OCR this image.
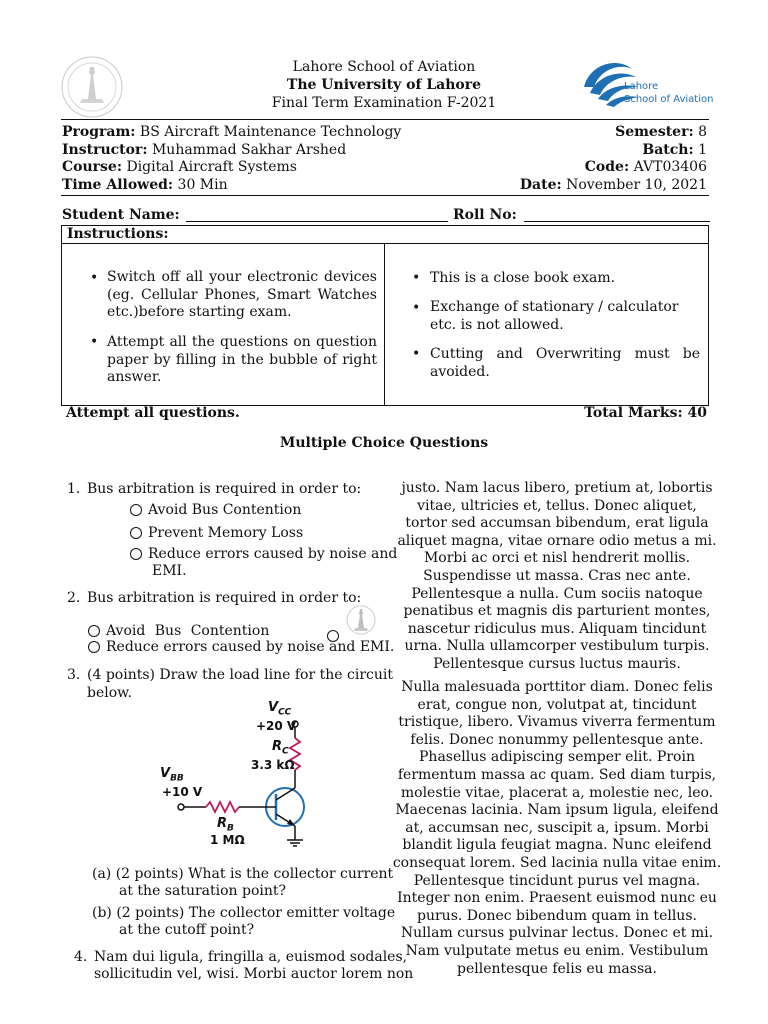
Lahore School of Aviation
The University of Lahore
Final Term Examination F-2021
Lahore
School of Aviation
Program: BS Aircraft Maintenance Technology
Instructor: Muhammad Sakhar Arshed
Course: Digital Aircraft Systems
Time Allowed: 30 Min
Semester: 8
Batch: 1
Code: AVT03406
Date: November 10, 2021
Student Name:	Roll No:
Instructions:
• Switch off all your electronic devices (eg. Cellular Phones, Smart Watches etc.)before starting exam.
• Attempt all the questions on question paper by filling in the bubble of right answer.
• This is a close book exam.
• Exchange of stationary / calculator etc. is not allowed.
• Cutting and Overwriting must be avoided.
Attempt all questions.	Total Marks: 40
Multiple Choice Questions
1. Bus arbitration is required in order to:
Avoid Bus Contention
Prevent Memory Loss
Reduce errors caused by noise and
EMI.
2. Bus arbitration is required in order to:
Avoid Bus Contention
Reduce errors caused by noise and EMI.
3. (4 points) Draw the load line for the circuit
below.
$V_{CC}$
+20 V
$R_C$
3.3 kΩ
$V_{BB}$
+10 V
$R_B$
1 MΩ
(a) (2 points) What is the collector current
at the saturation point?
(b) (2 points) The collector emitter voltage
at the cutoff point?
4. Nam dui ligula, fringilla a, euismod sodales,
sollicitudin vel, wisi. Morbi auctor lorem non
justo. Nam lacus libero, pretium at, lobortis
vitae, ultricies et, tellus. Donec aliquet,
tortor sed accumsan bibendum, erat ligula
aliquet magna, vitae ornare odio metus a mi.
Morbi ac orci et nisl hendrerit mollis.
Suspendisse ut massa. Cras nec ante.
Pellentesque a nulla. Cum sociis natoque
penatibus et magnis dis parturient montes,
nascetur ridiculus mus. Aliquam tincidunt
urna. Nulla ullamcorper vestibulum turpis.
Pellentesque cursus luctus mauris.
Nulla malesuada porttitor diam. Donec felis
erat, congue non, volutpat at, tincidunt
tristique, libero. Vivamus viverra fermentum
felis. Donec nonummy pellentesque ante.
Phasellus adipiscing semper elit. Proin
fermentum massa ac quam. Sed diam turpis,
molestie vitae, placerat a, molestie nec, leo.
Maecenas lacinia. Nam ipsum ligula, eleifend
at, accumsan nec, suscipit a, ipsum. Morbi
blandit ligula feugiat magna. Nunc eleifend
consequat lorem. Sed lacinia nulla vitae enim.
Pellentesque tincidunt purus vel magna.
Integer non enim. Praesent euismod nunc eu
purus. Donec bibendum quam in tellus.
Nullam cursus pulvinar lectus. Donec et mi.
Nam vulputate metus eu enim. Vestibulum
pellentesque felis eu massa.
